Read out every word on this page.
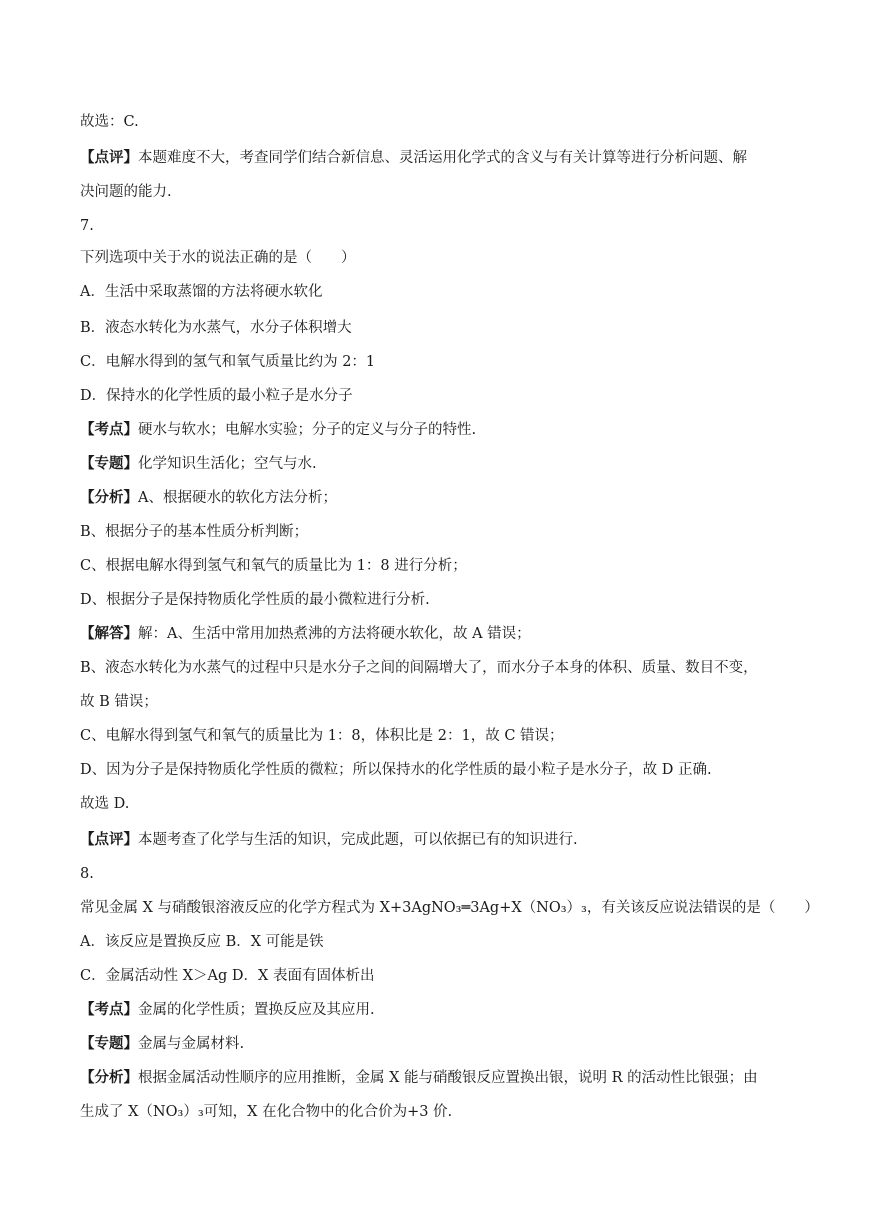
故选：C.
【点评】本题难度不大，考查同学们结合新信息、灵活运用化学式的含义与有关计算等进行分析问题、解
决问题的能力.
7.
下列选项中关于水的说法正确的是（　　）
A．生活中采取蒸馏的方法将硬水软化
B．液态水转化为水蒸气，水分子体积增大
C．电解水得到的氢气和氧气质量比约为 2：1
D．保持水的化学性质的最小粒子是水分子
【考点】硬水与软水；电解水实验；分子的定义与分子的特性.
【专题】化学知识生活化；空气与水.
【分析】A、根据硬水的软化方法分析；
B、根据分子的基本性质分析判断；
C、根据电解水得到氢气和氧气的质量比为 1：8 进行分析；
D、根据分子是保持物质化学性质的最小微粒进行分析.
【解答】解：A、生活中常用加热煮沸的方法将硬水软化，故 A 错误；
B、液态水转化为水蒸气的过程中只是水分子之间的间隔增大了，而水分子本身的体积、质量、数目不变，
故 B 错误；
C、电解水得到氢气和氧气的质量比为 1：8，体积比是 2：1，故 C 错误；
D、因为分子是保持物质化学性质的微粒；所以保持水的化学性质的最小粒子是水分子，故 D 正确.
故选 D.
【点评】本题考查了化学与生活的知识，完成此题，可以依据已有的知识进行.
8.
常见金属 X 与硝酸银溶液反应的化学方程式为 X+3AgNO₃═3Ag+X（NO₃）₃，有关该反应说法错误的是（　　）
A．该反应是置换反应 B．X 可能是铁
C．金属活动性 X＞Ag D．X 表面有固体析出
【考点】金属的化学性质；置换反应及其应用.
【专题】金属与金属材料.
【分析】根据金属活动性顺序的应用推断，金属 X 能与硝酸银反应置换出银，说明 R 的活动性比银强；由
生成了 X（NO₃）₃可知，X 在化合物中的化合价为+3 价.
